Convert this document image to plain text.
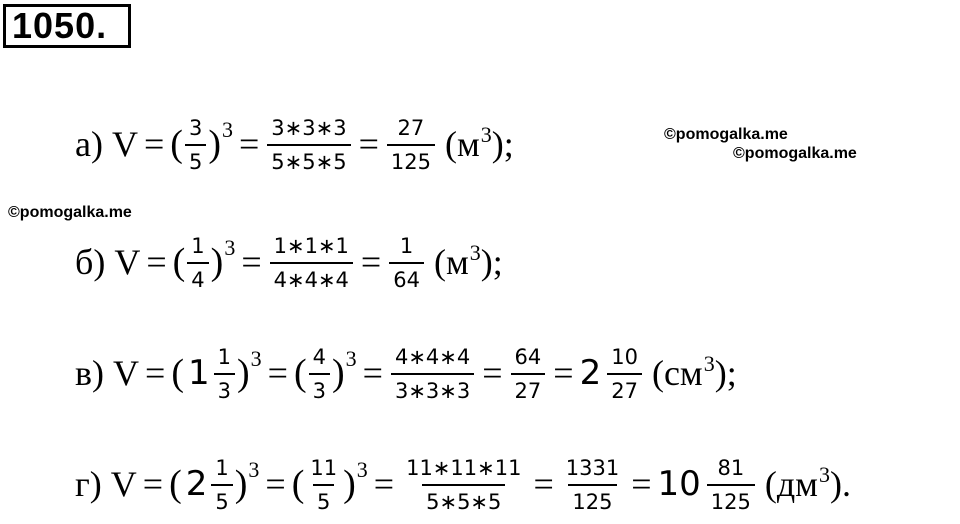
1050.
©pomogalka.me
©pomogalka.me
©pomogalka.me
а)
V = ( $\frac{3}{5}$ ) $3 = \frac{3∗3∗3}{5∗5∗5} = \frac{27}{125} (м^3)$;
б)
V = ( $\frac{1}{4}$ ) $3 = \frac{1∗1∗1}{4∗4∗4} = \frac{1}{64} (м^3)$;
в)
V = ( $1 \frac{1}{3}$ ) 3 = ( $\frac{4}{3}$ ) $3 = \frac{4∗4∗4}{3∗3∗3} = \frac{64}{27} = 2 \frac{10}{27} (см^3)$;
г)
V = ( $2 \frac{1}{5}$ ) 3 = ( $\frac{11}{5}$ ) $3 = \frac{11∗11∗11}{5∗5∗5} = \frac{1331}{125} = 10 \frac{81}{125} (дм^3)$.
